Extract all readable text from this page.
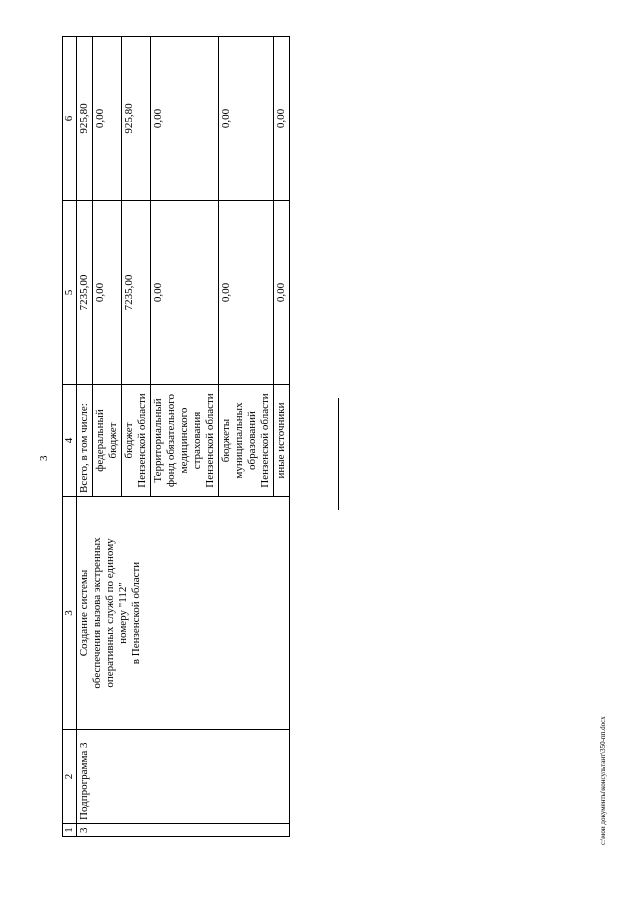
3
1	2	3	4	5	6
3	Подпрограмма 3	Создание системы обеспечения вызова экстренных оперативных служб по единому номеру "112" в Пензенской области	Всего, в том числе:	7235,00	925,80

			федеральный бюджет	0,00	0,00

			бюджет Пензенской области	7235,00	925,80

			Территориальный фонд обязательного медицинского страхования Пензенской области	0,00	0,00

			бюджеты муниципальных образований Пензенской области	0,00	0,00

			иные источники	0,00	0,00
c:\мои документы\консультант\350-пп.docx
